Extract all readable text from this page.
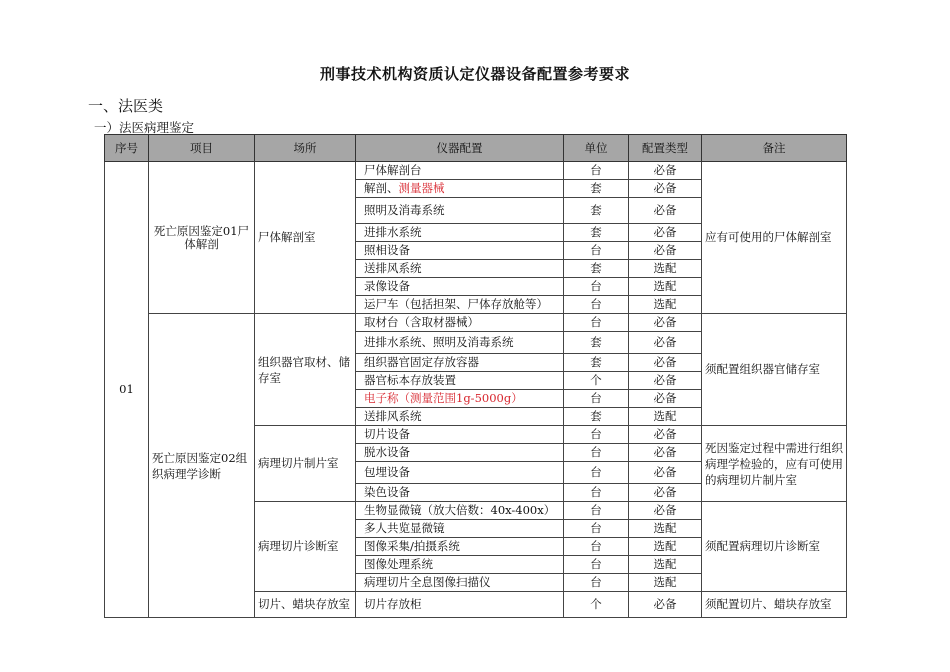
刑事技术机构资质认定仪器设备配置参考要求
一、法医类
一）法医病理鉴定
序号	项目	场所	仪器配置	单位	配置类型	备注
01	死亡原因鉴定01尸体解剖	尸体解剖室	尸体解剖台	台	必备	应有可使用的尸体解剖室
			解剖、测量器械	套	必备	
			照明及消毒系统	套	必备	
			进排水系统	套	必备	
			照相设备	台	必备	
			送排风系统	套	选配	
			录像设备	台	选配	
			运尸车（包括担架、尸体存放舱等）	台	选配	
	死亡原因鉴定02组织病理学诊断	组织器官取材、储存室	取材台（含取材器械）	台	必备	须配置组织器官储存室
			进排水系统、照明及消毒系统	套	必备	
			组织器官固定存放容器	套	必备	
			器官标本存放装置	个	必备	
			电子称（测量范围1g-5000g）	台	必备	
			送排风系统	套	选配	
		病理切片制片室	切片设备	台	必备	死因鉴定过程中需进行组织病理学检验的，应有可使用的病理切片制片室
			脱水设备	台	必备	
			包埋设备	台	必备	
			染色设备	台	必备	
		病理切片诊断室	生物显微镜（放大倍数：40x-400x）	台	必备	须配置病理切片诊断室
			多人共览显微镜	台	选配	
			图像采集/拍摄系统	台	选配	
			图像处理系统	台	选配	
			病理切片全息图像扫描仪	台	选配	
		切片、蜡块存放室	切片存放柜	个	必备	须配置切片、蜡块存放室
